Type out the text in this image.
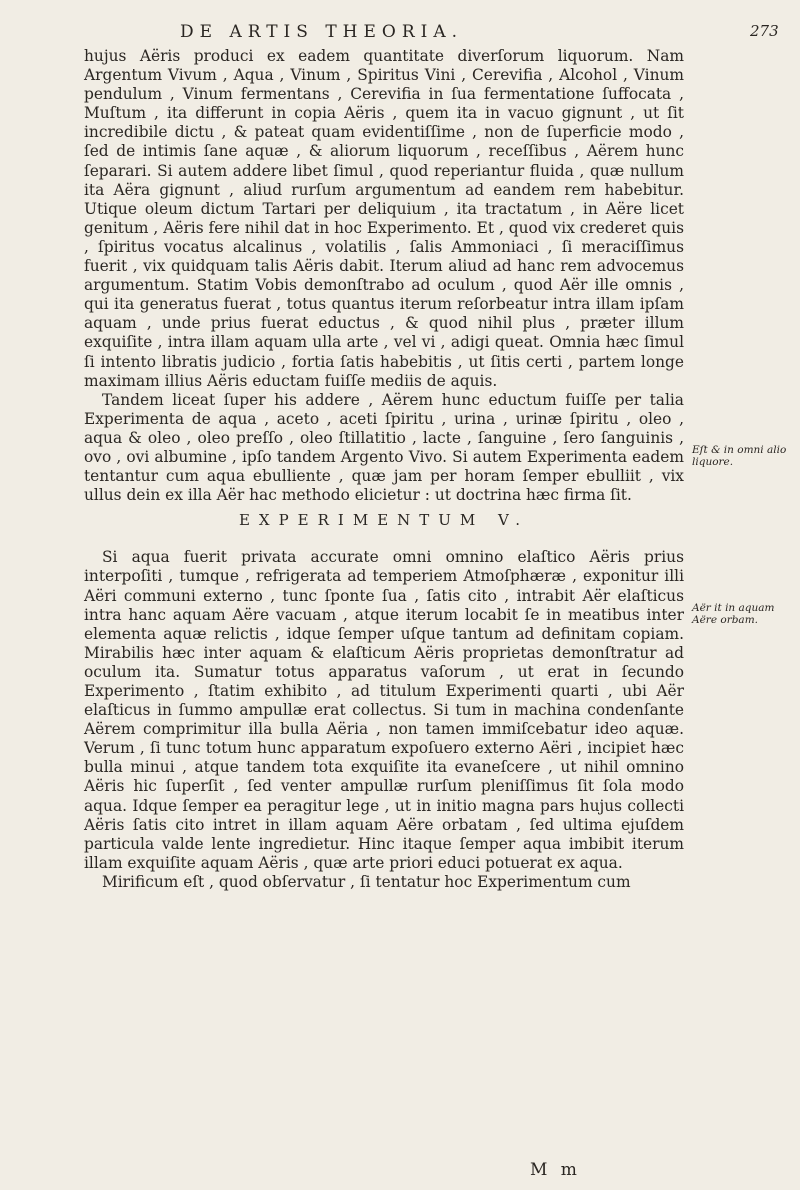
DE ARTIS THEORIA.	273

hujus Aëris produci ex eadem quantitate diverſorum liquorum. Nam Argentum Vivum , Aqua , Vinum , Spiritus Vini , Cerevifia , Alcohol , Vinum pendulum , Vinum fermentans , Cerevifia in ſua fermentatione ſuffocata , Muſtum , ita differunt in copia Aëris , quem ita in vacuo gignunt , ut ſit incredibile dictu , & pateat quam evidentiſſime , non de ſuperficie modo , ſed de intimis ſane aquæ , & aliorum liquorum , receſſibus , Aërem hunc ſeparari. Si autem addere libet ſimul , quod reperiantur fluida , quæ nullum ita Aëra gignunt , aliud rurſum argumentum ad eandem rem habebitur. Utique oleum dictum Tartari per deliquium , ita tractatum , in Aëre licet genitum , Aëris fere nihil dat in hoc Experimento. Et , quod vix crederet quis , ſpiritus vocatus alcalinus , volatilis , ſalis Ammoniaci , ſi meraciſſimus fuerit , vix quidquam talis Aëris dabit. Iterum aliud ad hanc rem advocemus argumentum. Statim Vobis demonſtrabo ad oculum , quod Aër ille omnis , qui ita generatus fuerat , totus quantus iterum reſorbeatur intra illam ipſam aquam , unde prius fuerat eductus , & quod nihil plus , præter illum exquiſite , intra illam aquam ulla arte , vel vi , adigi queat. Omnia hæc ſimul ſi intento libratis judicio , fortia ſatis habebitis , ut ſitis certi , partem longe maximam illius Aëris eductam fuiſſe mediis de aquis.

Tandem liceat ſuper his addere , Aërem hunc eductum fuiſſe per talia Experimenta de aqua , aceto , aceti ſpiritu , urina , urinæ ſpiritu , oleo , aqua & oleo , oleo preſſo , oleo ſtillatitio , lacte , ſanguine , ſero ſanguinis , ovo , ovi albumine , ipſo tandem Argento Vivo. Si autem Experimenta eadem tentantur cum aqua ebulliente , quæ jam per horam ſemper ebulliit , vix ullus dein ex illa Aër hac methodo elicietur : ut doctrina hæc firma ſit.

EXPERIMENTUM V.

Si aqua fuerit privata accurate omni omnino elaſtico Aëris prius interpoſiti , tumque , refrigerata ad temperiem Atmoſphæræ , exponitur illi Aëri communi externo , tunc ſponte ſua , ſatis cito , intrabit Aër elaſticus intra hanc aquam Aëre vacuam , atque iterum locabit ſe in meatibus inter elementa aquæ relictis , idque ſemper uſque tantum ad definitam copiam. Mirabilis hæc inter aquam & elaſticum Aëris proprietas demonſtratur ad oculum ita. Sumatur totus apparatus vaſorum , ut erat in ſecundo Experimento , ſtatim exhibito , ad titulum Experimenti quarti , ubi Aër elaſticus in ſummo ampullæ erat collectus. Si tum in machina condenſante Aërem comprimitur illa bulla Aëria , non tamen immiſcebatur ideo aquæ. Verum , ſi tunc totum hunc apparatum expoſuero externo Aëri , incipiet hæc bulla minui , atque tandem tota exquiſite ita evaneſcere , ut nihil omnino Aëris hic ſuperſit , ſed venter ampullæ rurſum pleniſſimus ſit ſola modo aqua. Idque ſemper ea peragitur lege , ut in initio magna pars hujus collecti Aëris ſatis cito intret in illam aquam Aëre orbatam , ſed ultima ejuſdem particula valde lente ingredietur. Hinc itaque ſemper aqua imbibit iterum illam exquiſite aquam Aëris , quæ arte priori educi potuerat ex aqua.

Mirificum eſt , quod obſervatur , ſi tentatur hoc Experimentum cum

Eſt & in omni alio liquore.
Aër it in aquam Aëre orbam.
M m
